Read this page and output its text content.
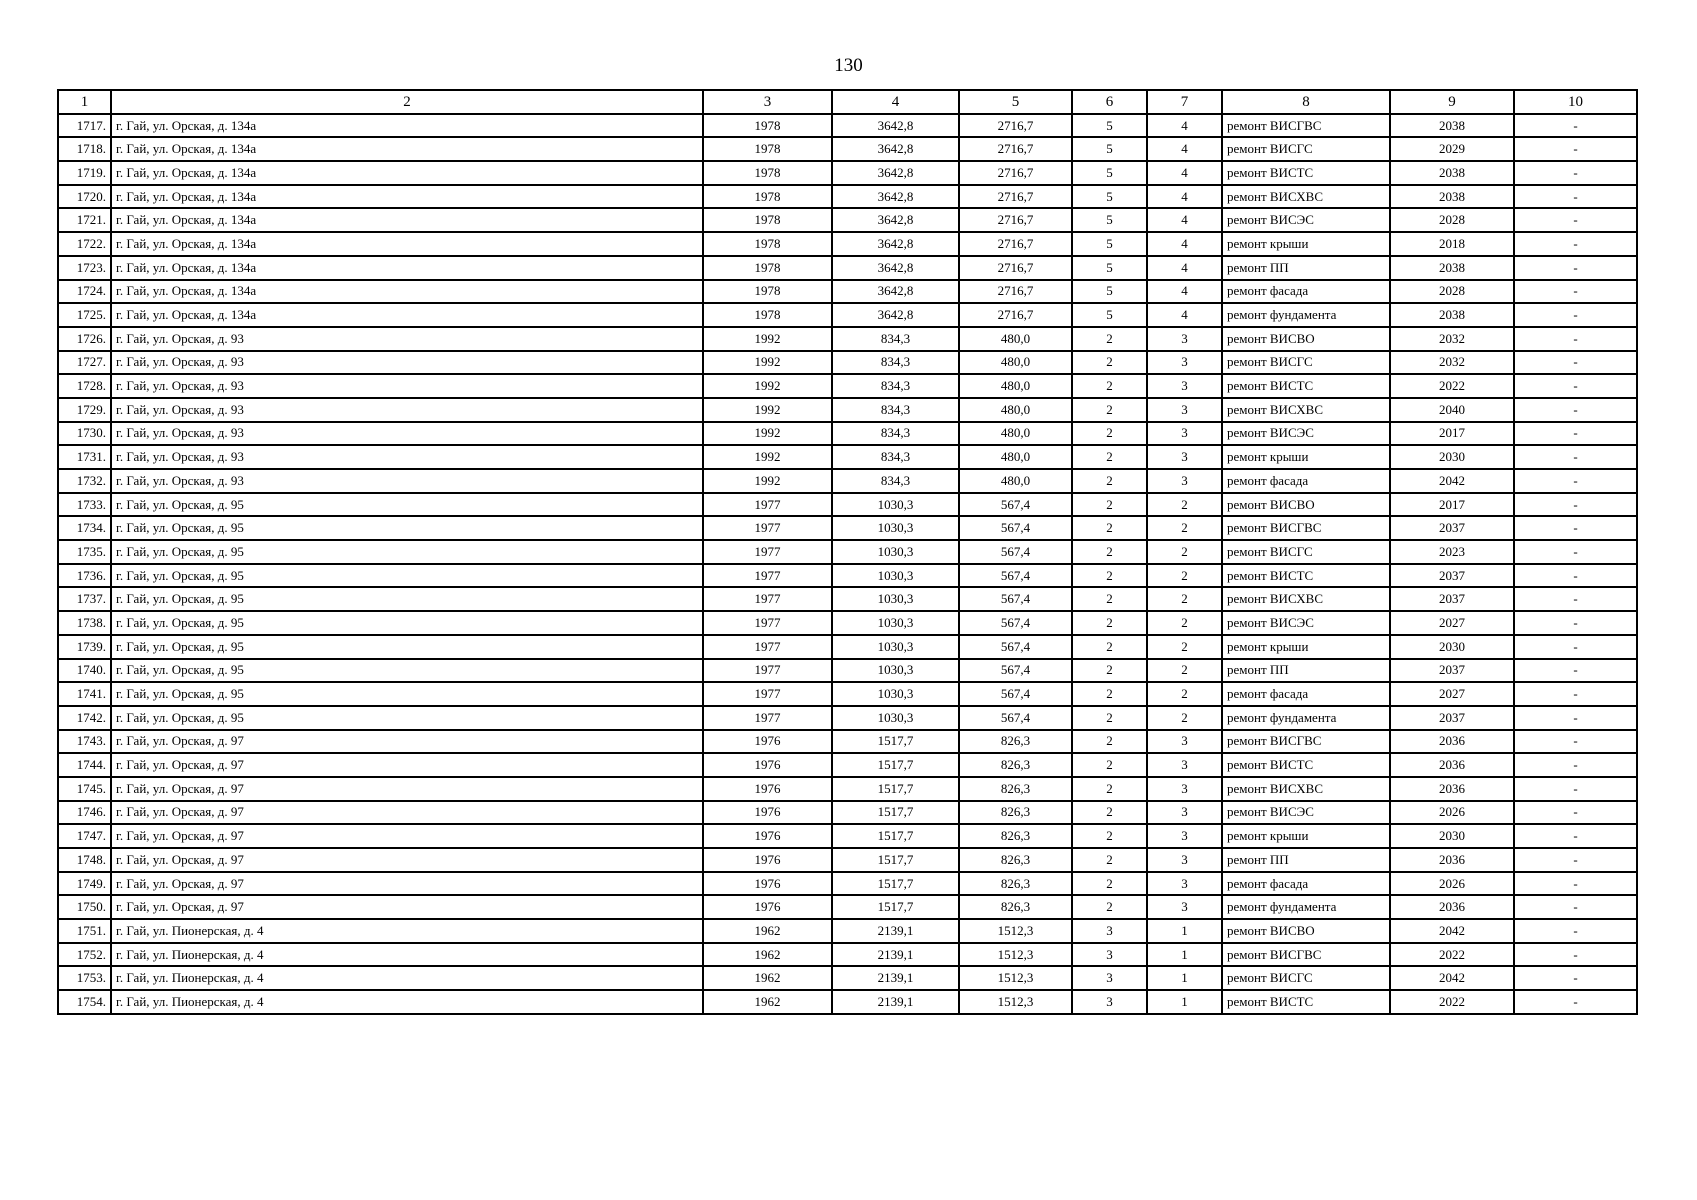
130
1	2	3	4	5	6	7	8	9	10
1717.	г. Гай, ул. Орская, д. 134а	1978	3642,8	2716,7	5	4	ремонт ВИСГВС	2038	-
1718.	г. Гай, ул. Орская, д. 134а	1978	3642,8	2716,7	5	4	ремонт ВИСГС	2029	-
1719.	г. Гай, ул. Орская, д. 134а	1978	3642,8	2716,7	5	4	ремонт ВИСТС	2038	-
1720.	г. Гай, ул. Орская, д. 134а	1978	3642,8	2716,7	5	4	ремонт ВИСХВС	2038	-
1721.	г. Гай, ул. Орская, д. 134а	1978	3642,8	2716,7	5	4	ремонт ВИСЭС	2028	-
1722.	г. Гай, ул. Орская, д. 134а	1978	3642,8	2716,7	5	4	ремонт крыши	2018	-
1723.	г. Гай, ул. Орская, д. 134а	1978	3642,8	2716,7	5	4	ремонт ПП	2038	-
1724.	г. Гай, ул. Орская, д. 134а	1978	3642,8	2716,7	5	4	ремонт фасада	2028	-
1725.	г. Гай, ул. Орская, д. 134а	1978	3642,8	2716,7	5	4	ремонт фундамента	2038	-
1726.	г. Гай, ул. Орская, д. 93	1992	834,3	480,0	2	3	ремонт ВИСВО	2032	-
1727.	г. Гай, ул. Орская, д. 93	1992	834,3	480,0	2	3	ремонт ВИСГС	2032	-
1728.	г. Гай, ул. Орская, д. 93	1992	834,3	480,0	2	3	ремонт ВИСТС	2022	-
1729.	г. Гай, ул. Орская, д. 93	1992	834,3	480,0	2	3	ремонт ВИСХВС	2040	-
1730.	г. Гай, ул. Орская, д. 93	1992	834,3	480,0	2	3	ремонт ВИСЭС	2017	-
1731.	г. Гай, ул. Орская, д. 93	1992	834,3	480,0	2	3	ремонт крыши	2030	-
1732.	г. Гай, ул. Орская, д. 93	1992	834,3	480,0	2	3	ремонт фасада	2042	-
1733.	г. Гай, ул. Орская, д. 95	1977	1030,3	567,4	2	2	ремонт ВИСВО	2017	-
1734.	г. Гай, ул. Орская, д. 95	1977	1030,3	567,4	2	2	ремонт ВИСГВС	2037	-
1735.	г. Гай, ул. Орская, д. 95	1977	1030,3	567,4	2	2	ремонт ВИСГС	2023	-
1736.	г. Гай, ул. Орская, д. 95	1977	1030,3	567,4	2	2	ремонт ВИСТС	2037	-
1737.	г. Гай, ул. Орская, д. 95	1977	1030,3	567,4	2	2	ремонт ВИСХВС	2037	-
1738.	г. Гай, ул. Орская, д. 95	1977	1030,3	567,4	2	2	ремонт ВИСЭС	2027	-
1739.	г. Гай, ул. Орская, д. 95	1977	1030,3	567,4	2	2	ремонт крыши	2030	-
1740.	г. Гай, ул. Орская, д. 95	1977	1030,3	567,4	2	2	ремонт ПП	2037	-
1741.	г. Гай, ул. Орская, д. 95	1977	1030,3	567,4	2	2	ремонт фасада	2027	-
1742.	г. Гай, ул. Орская, д. 95	1977	1030,3	567,4	2	2	ремонт фундамента	2037	-
1743.	г. Гай, ул. Орская, д. 97	1976	1517,7	826,3	2	3	ремонт ВИСГВС	2036	-
1744.	г. Гай, ул. Орская, д. 97	1976	1517,7	826,3	2	3	ремонт ВИСТС	2036	-
1745.	г. Гай, ул. Орская, д. 97	1976	1517,7	826,3	2	3	ремонт ВИСХВС	2036	-
1746.	г. Гай, ул. Орская, д. 97	1976	1517,7	826,3	2	3	ремонт ВИСЭС	2026	-
1747.	г. Гай, ул. Орская, д. 97	1976	1517,7	826,3	2	3	ремонт крыши	2030	-
1748.	г. Гай, ул. Орская, д. 97	1976	1517,7	826,3	2	3	ремонт ПП	2036	-
1749.	г. Гай, ул. Орская, д. 97	1976	1517,7	826,3	2	3	ремонт фасада	2026	-
1750.	г. Гай, ул. Орская, д. 97	1976	1517,7	826,3	2	3	ремонт фундамента	2036	-
1751.	г. Гай, ул. Пионерская, д. 4	1962	2139,1	1512,3	3	1	ремонт ВИСВО	2042	-
1752.	г. Гай, ул. Пионерская, д. 4	1962	2139,1	1512,3	3	1	ремонт ВИСГВС	2022	-
1753.	г. Гай, ул. Пионерская, д. 4	1962	2139,1	1512,3	3	1	ремонт ВИСГС	2042	-
1754.	г. Гай, ул. Пионерская, д. 4	1962	2139,1	1512,3	3	1	ремонт ВИСТС	2022	-
